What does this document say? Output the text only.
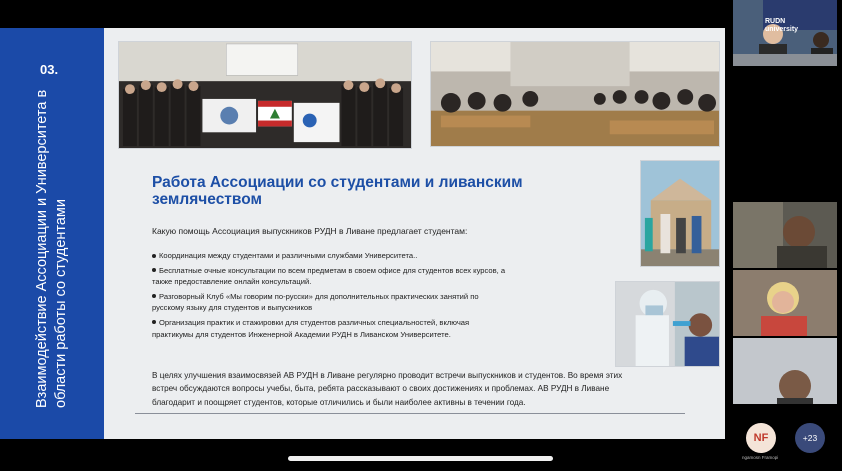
03.
Взаимодействие Ассоциации и Университета в области работы со студентами
Работа Ассоциации со студентами и ливанским землячеством
Какую помощь Ассоциация выпускников РУДН в Ливане предлагает студентам:
Координация между студентами и различными службами Университета..
Бесплатные очные консультации по всем предметам в своем офисе для студентов всех курсов, а также предоставление онлайн консультаций.
Разговорный Клуб «Мы говорим по-русски» для дополнительных практических занятий по русскому языку для студентов и выпускников
Организация практик и стажировки для студентов различных специальностей, включая практикумы для студентов Инженерной Академии РУДН в Ливанском Университете.
В целях улучшения взаимосвязей АВ РУДН в Ливане регулярно проводит встречи выпускников и студентов. Во время этих встреч обсуждаются вопросы учебы, быта, ребята рассказывают о своих достижениях и проблемах. АВ РУДН в Ливане благодарит и поощряет студентов, которые отличились и были наиболее активны в течении года.
RUDN university
NF
ngamosn Framopi
+23
